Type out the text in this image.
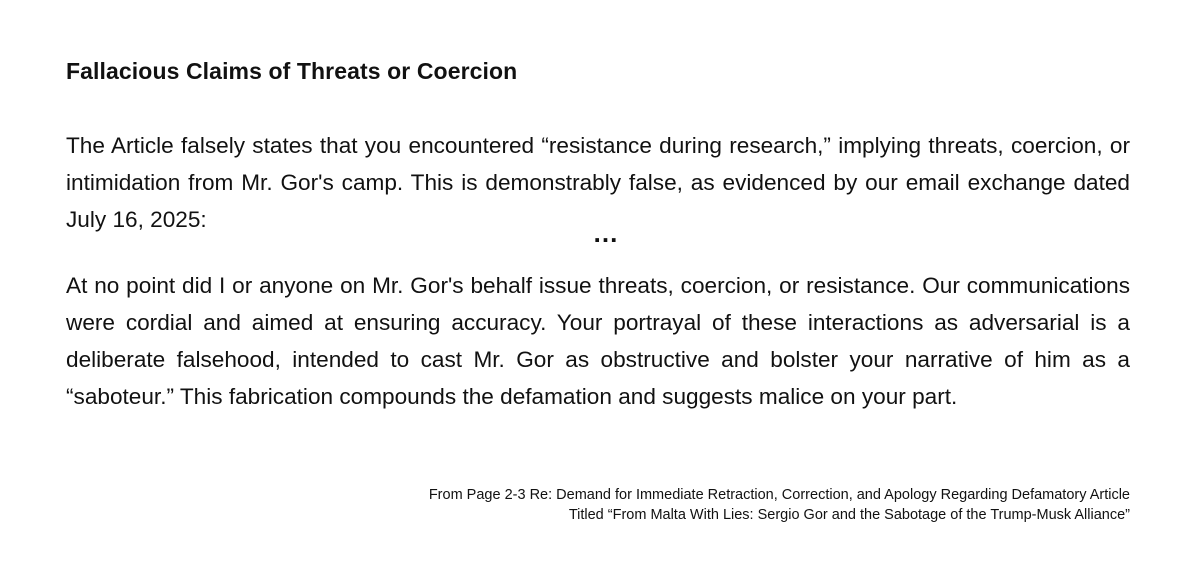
Fallacious Claims of Threats or Coercion

The Article falsely states that you encountered “resistance during research,” implying threats, coercion, or intimidation from Mr. Gor's camp. This is demonstrably false, as evidenced by our email exchange dated July 16, 2025:	…

At no point did I or anyone on Mr. Gor's behalf issue threats, coercion, or resistance. Our communications were cordial and aimed at ensuring accuracy. Your portrayal of these interactions as adversarial is a deliberate falsehood, intended to cast Mr. Gor as obstructive and bolster your narrative of him as a “saboteur.” This fabrication compounds the defamation and suggests malice on your part.

From Page 2-3 Re: Demand for Immediate Retraction, Correction, and Apology Regarding Defamatory Article
Titled “From Malta With Lies: Sergio Gor and the Sabotage of the Trump-Musk Alliance”
